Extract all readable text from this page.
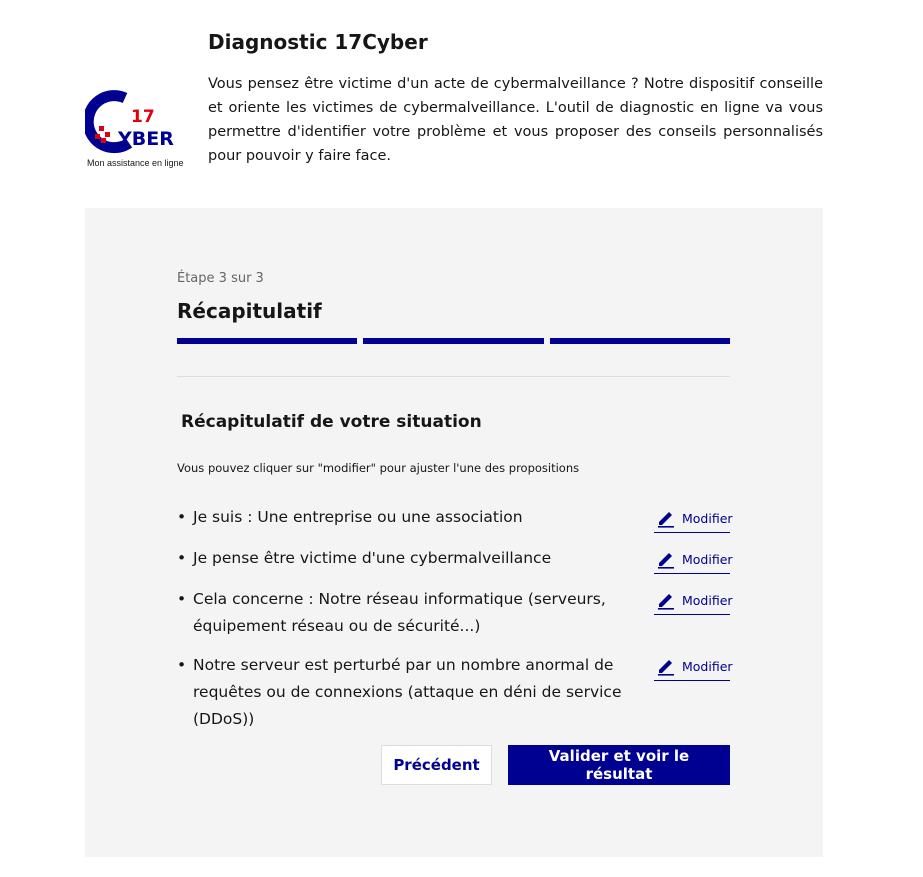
17
YBER
Mon assistance en ligne
Diagnostic 17Cyber

Vous pensez être victime d'un acte de cybermalveillance ? Notre dispositif conseille et oriente les victimes de cybermalveillance. L'outil de diagnostic en ligne va vous permettre d'identifier votre problème et vous proposer des conseils personnalisés pour pouvoir y faire face.

Étape 3 sur 3
Récapitulatif
Récapitulatif de votre situation

Vous pouvez cliquer sur "modifier" pour ajuster l'une des propositions

• Je suis : Une entreprise ou une association	Modifier
• Je pense être victime d'une cybermalveillance	Modifier
• Cela concerne : Notre réseau informatique (serveurs, équipement réseau ou de sécurité...)
Modifier
• Notre serveur est perturbé par un nombre anormal de requêtes ou de connexions (attaque en déni de service (DDoS))
Modifier
Précédent	Valider et voir le résultat
